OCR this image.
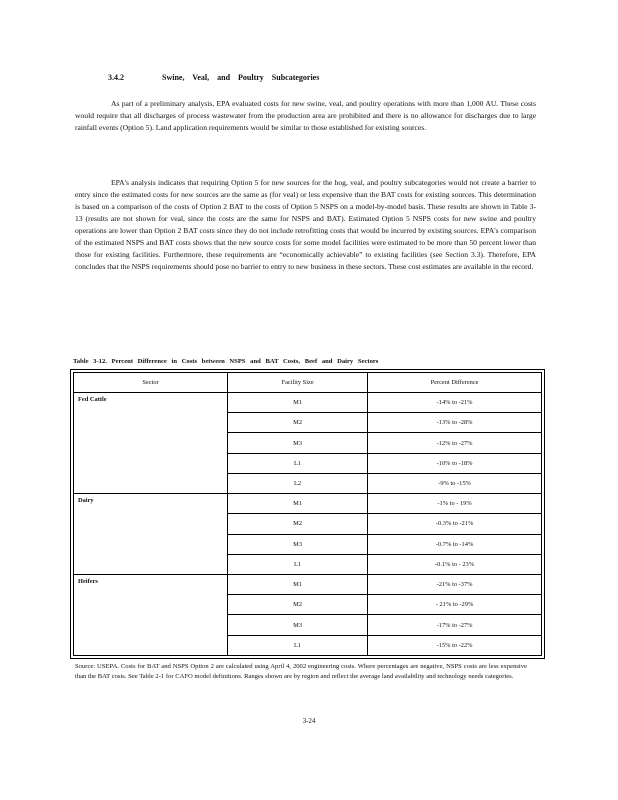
3.4.2	Swine, Veal, and Poultry Subcategories

As part of a preliminary analysis, EPA evaluated costs for new swine, veal, and poultry operations with more than 1,000 AU. These costs would require that all discharges of process wastewater from the production area are prohibited and there is no allowance for discharges due to large rainfall events (Option 5). Land application requirements would be similar to those established for existing sources.

EPA's analysis indicates that requiring Option 5 for new sources for the hog, veal, and poultry subcategories would not create a barrier to entry since the estimated costs for new sources are the same as (for veal) or less expensive than the BAT costs for existing sources. This determination is based on a comparison of the costs of Option 2 BAT to the costs of Option 5 NSPS on a model-by-model basis. These results are shown in Table 3-13 (results are not shown for veal, since the costs are the same for NSPS and BAT). Estimated Option 5 NSPS costs for new swine and poultry operations are lower than Option 2 BAT costs since they do not include retrofitting costs that would be incurred by existing sources. EPA's comparison of the estimated NSPS and BAT costs shows that the new source costs for some model facilities were estimated to be more than 50 percent lower than those for existing facilities. Furthermore, these requirements are “economically achievable” to existing facilities (see Section 3.3). Therefore, EPA concludes that the NSPS requirements should pose no barrier to entry to new business in these sectors. These cost estimates are available in the record.

Table 3-12. Percent Difference in Costs between NSPS and BAT Costs, Beef and Dairy Sectors
Sector	Facility Size	Percent Difference
Fed Cattle	M1	-14% to -21%
	M2	-13% to -28%
	M3	-12% to -27%
	L1	-10% to -18%
	L2	-9% to -15%
Dairy	M1	-1% to - 19%
	M2	-0.3% to -21%
	M3	-0.7% to -14%
	L1	-0.1% to - 23%
Heifers	M1	-21% to -37%
	M2	- 21% to -29%
	M3	-17% to -27%
	L1	-15% to -22%

Source: USEPA. Costs for BAT and NSPS Option 2 are calculated using April 4, 2002 engineering costs. Where percentages are negative, NSPS costs are less expensive than the BAT costs. See Table 2-1 for CAFO model definitions. Ranges shown are by region and reflect the average land availability and technology needs categories.

3-24
